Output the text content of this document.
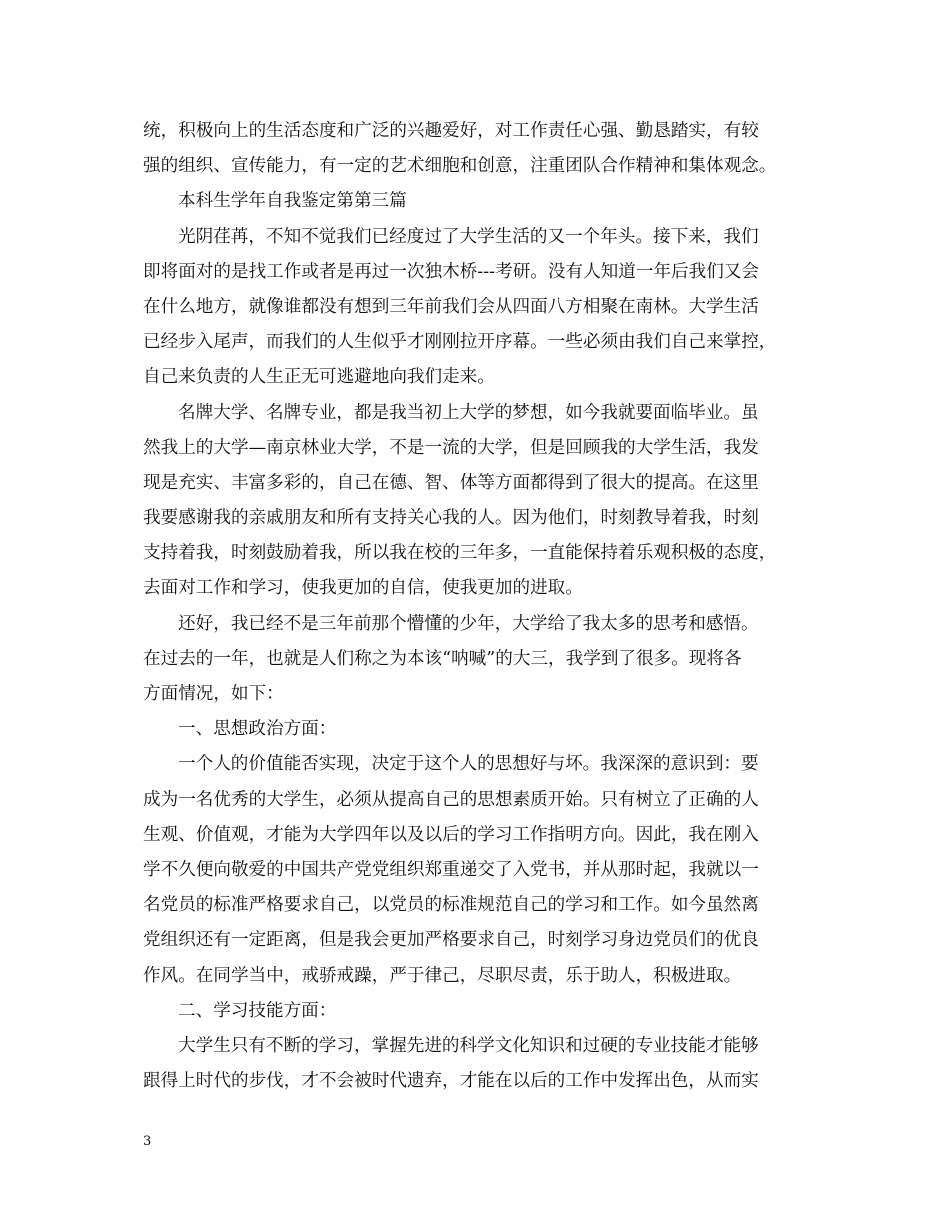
统，积极向上的生活态度和广泛的兴趣爱好，对工作责任心强、勤恳踏实，有较
强的组织、宣传能力，有一定的艺术细胞和创意，注重团队合作精神和集体观念。
本科生学年自我鉴定第第三篇
光阴荏苒，不知不觉我们已经度过了大学生活的又一个年头。接下来，我们
即将面对的是找工作或者是再过一次独木桥---考研。没有人知道一年后我们又会
在什么地方，就像谁都没有想到三年前我们会从四面八方相聚在南林。大学生活
已经步入尾声，而我们的人生似乎才刚刚拉开序幕。一些必须由我们自己来掌控，
自己来负责的人生正无可逃避地向我们走来。
名牌大学、名牌专业，都是我当初上大学的梦想，如今我就要面临毕业。虽
然我上的大学—南京林业大学，不是一流的大学，但是回顾我的大学生活，我发
现是充实、丰富多彩的，自己在德、智、体等方面都得到了很大的提高。在这里
我要感谢我的亲戚朋友和所有支持关心我的人。因为他们，时刻教导着我，时刻
支持着我，时刻鼓励着我，所以我在校的三年多，一直能保持着乐观积极的态度，
去面对工作和学习，使我更加的自信，使我更加的进取。
还好，我已经不是三年前那个懵懂的少年，大学给了我太多的思考和感悟。
在过去的一年，也就是人们称之为本该“呐喊”的大三，我学到了很多。现将各
方面情况，如下：
一、思想政治方面：
一个人的价值能否实现，决定于这个人的思想好与坏。我深深的意识到：要
成为一名优秀的大学生，必须从提高自己的思想素质开始。只有树立了正确的人
生观、价值观，才能为大学四年以及以后的学习工作指明方向。因此，我在刚入
学不久便向敬爱的中国共产党党组织郑重递交了入党书，并从那时起，我就以一
名党员的标准严格要求自己，以党员的标准规范自己的学习和工作。如今虽然离
党组织还有一定距离，但是我会更加严格要求自己，时刻学习身边党员们的优良
作风。在同学当中，戒骄戒躁，严于律己，尽职尽责，乐于助人，积极进取。
二、学习技能方面：
大学生只有不断的学习，掌握先进的科学文化知识和过硬的专业技能才能够
跟得上时代的步伐，才不会被时代遗弃，才能在以后的工作中发挥出色，从而实
3
